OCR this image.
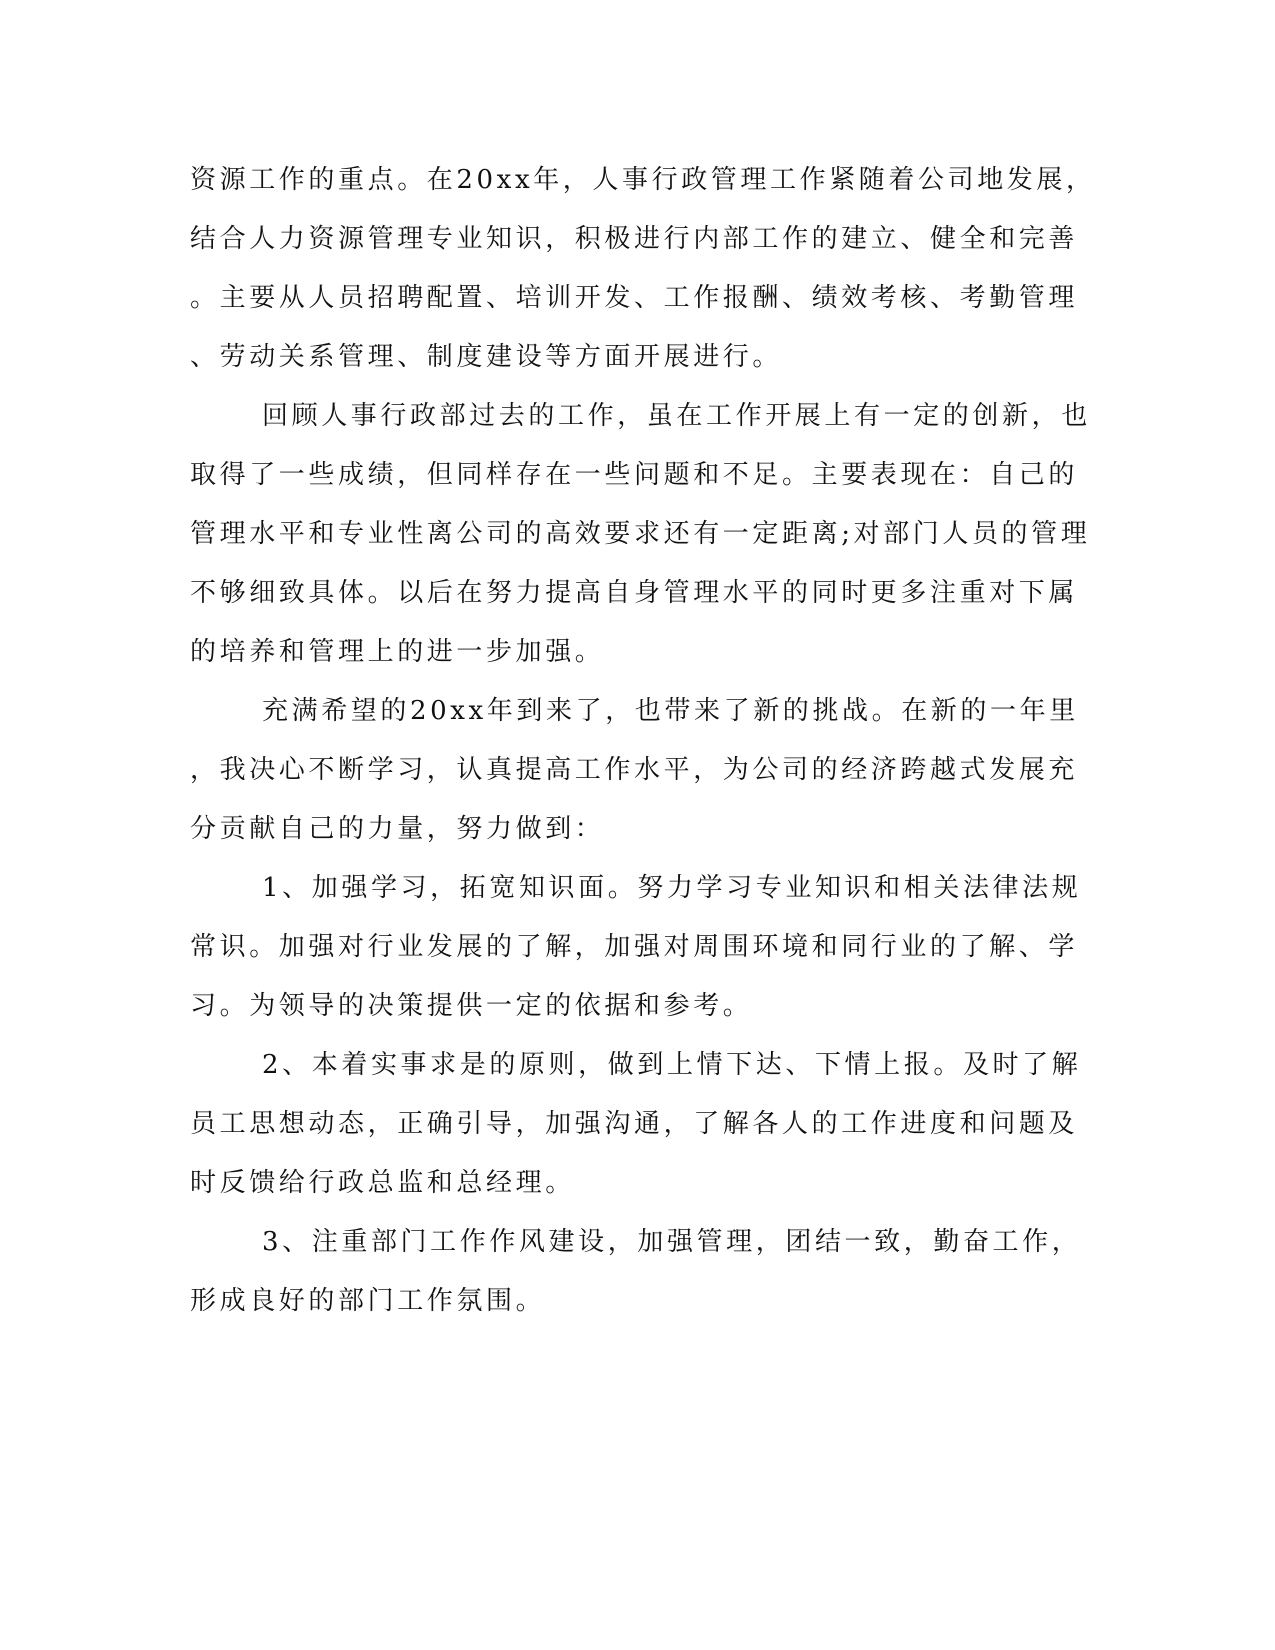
资源工作的重点。在20xx年，人事行政管理工作紧随着公司地发展，
结合人力资源管理专业知识，积极进行内部工作的建立、健全和完善
。主要从人员招聘配置、培训开发、工作报酬、绩效考核、考勤管理
、劳动关系管理、制度建设等方面开展进行。
回顾人事行政部过去的工作，虽在工作开展上有一定的创新，也
取得了一些成绩，但同样存在一些问题和不足。主要表现在：自己的
管理水平和专业性离公司的高效要求还有一定距离;对部门人员的管理
不够细致具体。以后在努力提高自身管理水平的同时更多注重对下属
的培养和管理上的进一步加强。
充满希望的20xx年到来了，也带来了新的挑战。在新的一年里
，我决心不断学习，认真提高工作水平，为公司的经济跨越式发展充
分贡献自己的力量，努力做到：
1、加强学习，拓宽知识面。努力学习专业知识和相关法律法规
常识。加强对行业发展的了解，加强对周围环境和同行业的了解、学
习。为领导的决策提供一定的依据和参考。
2、本着实事求是的原则，做到上情下达、下情上报。及时了解
员工思想动态，正确引导，加强沟通，了解各人的工作进度和问题及
时反馈给行政总监和总经理。
3、注重部门工作作风建设，加强管理，团结一致，勤奋工作，
形成良好的部门工作氛围。
